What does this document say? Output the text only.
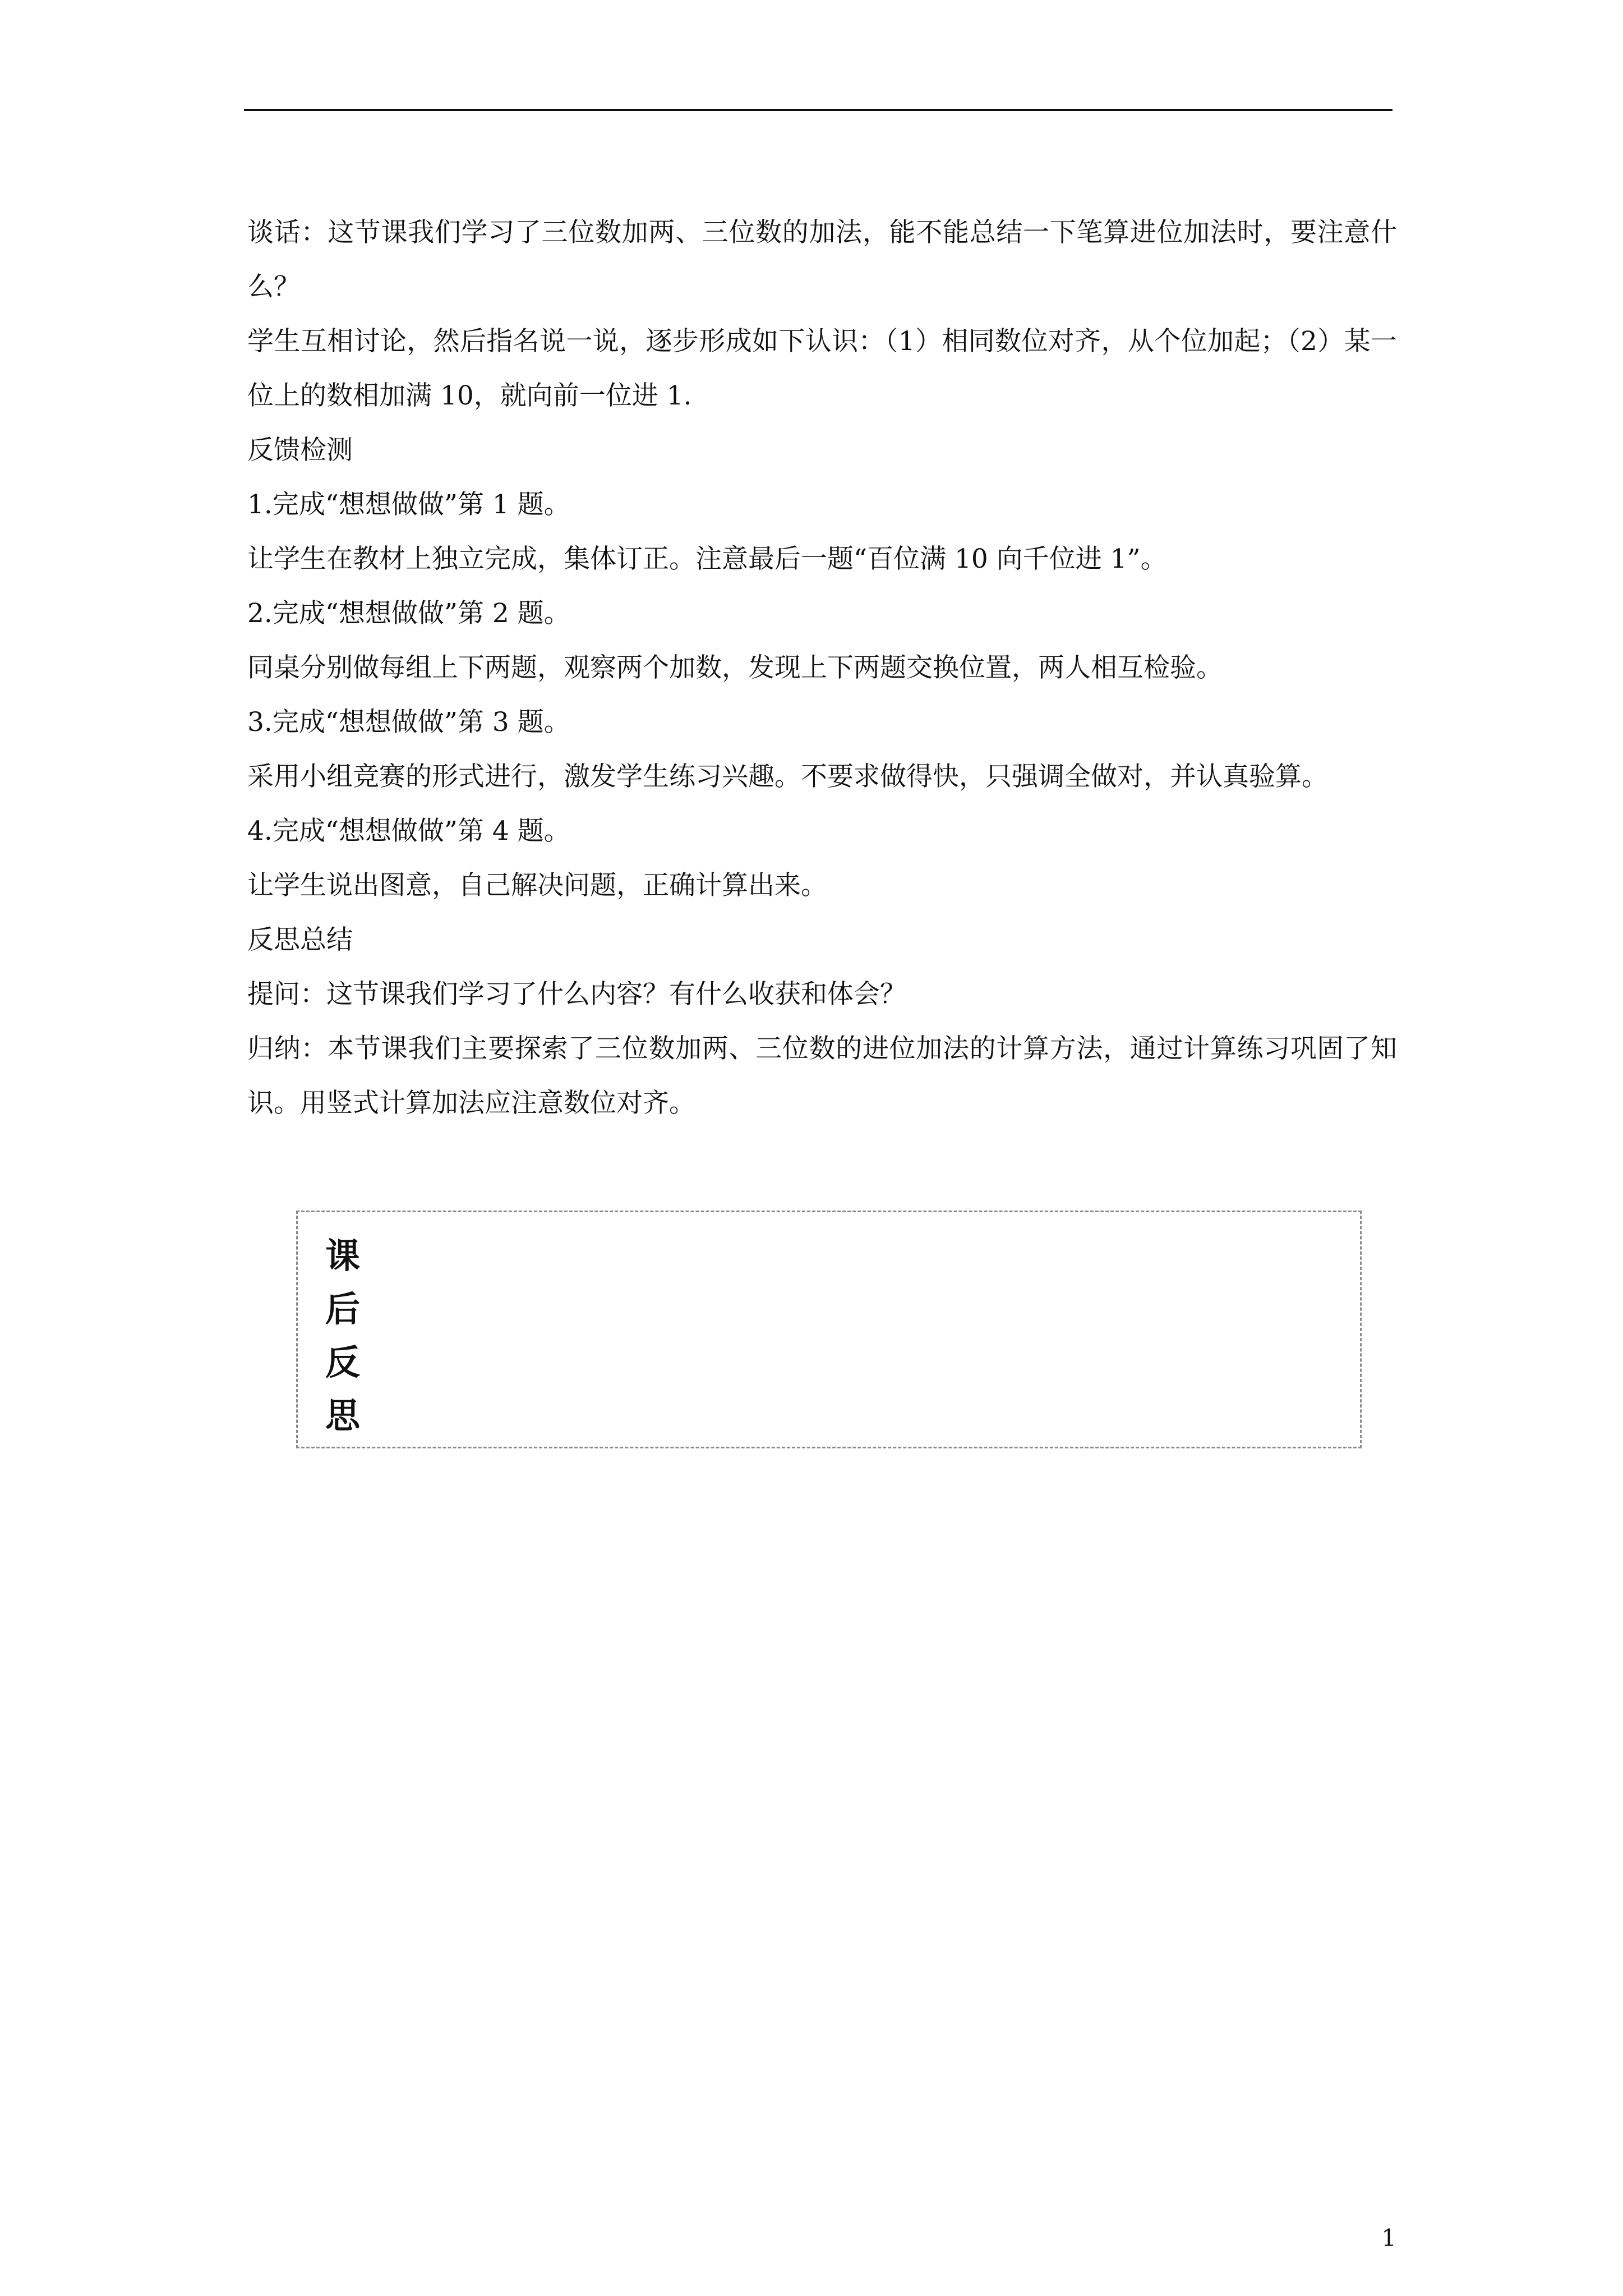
谈话：这节课我们学习了三位数加两、三位数的加法，能不能总结一下笔算进位加法时，要注意什么？

学生互相讨论，然后指名说一说，逐步形成如下认识：（1）相同数位对齐，从个位加起；（2）某一位上的数相加满 10，就向前一位进 1.

反馈检测

1.完成“想想做做”第 1 题。

让学生在教材上独立完成，集体订正。注意最后一题“百位满 10 向千位进 1”。

2.完成“想想做做”第 2 题。

同桌分别做每组上下两题，观察两个加数，发现上下两题交换位置，两人相互检验。

3.完成“想想做做”第 3 题。

采用小组竞赛的形式进行，激发学生练习兴趣。不要求做得快，只强调全做对，并认真验算。

4.完成“想想做做”第 4 题。

让学生说出图意，自己解决问题，正确计算出来。

反思总结

提问：这节课我们学习了什么内容？有什么收获和体会？

归纳：本节课我们主要探索了三位数加两、三位数的进位加法的计算方法，通过计算练习巩固了知识。用竖式计算加法应注意数位对齐。

课
后
反
思
1
